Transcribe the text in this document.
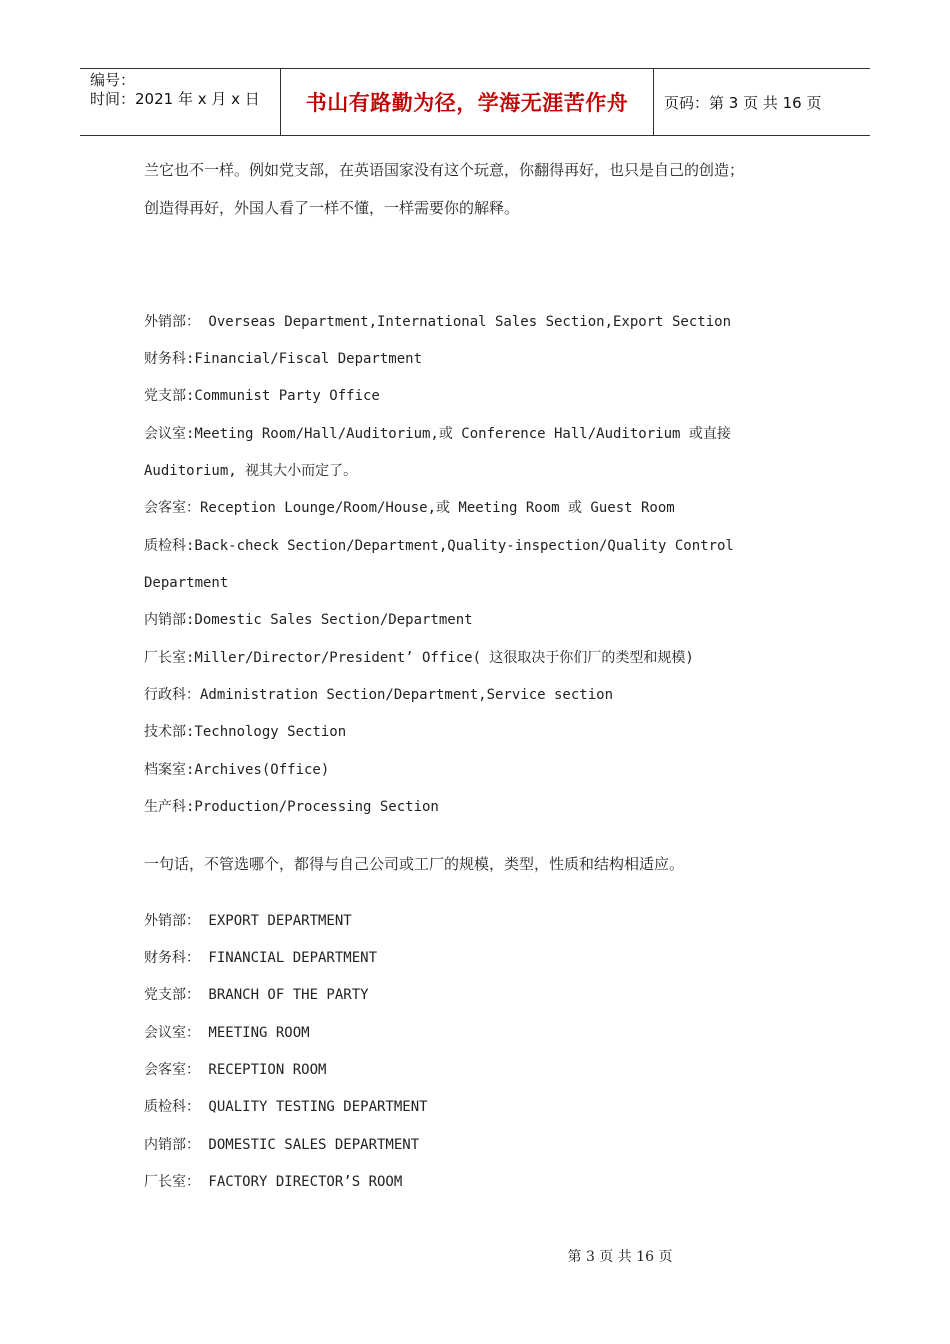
编号：
时间：2021 年 x 月 x 日	书山有路勤为径，学海无涯苦作舟	页码：第 3 页 共 16 页
兰它也不一样。例如党支部，在英语国家没有这个玩意，你翻得再好，也只是自己的创造；
创造得再好，外国人看了一样不懂，一样需要你的解释。
外销部： Overseas Department,International Sales Section,Export Section
财务科:Financial/Fiscal Department
党支部:Communist Party Office
会议室:Meeting Room/Hall/Auditorium,或 Conference Hall/Auditorium 或直接
Auditorium, 视其大小而定了。
会客室：Reception Lounge/Room/House,或 Meeting Room 或 Guest Room
质检科:Back-check Section/Department,Quality-inspection/Quality Control
Department
内销部:Domestic Sales Section/Department
厂长室:Miller/Director/President’ Office( 这很取决于你们厂的类型和规模)
行政科：Administration Section/Department,Service section
技术部:Technology Section
档案室:Archives(Office)
生产科:Production/Processing Section
一句话，不管选哪个，都得与自己公司或工厂的规模，类型，性质和结构相适应。
外销部： EXPORT DEPARTMENT
财务科： FINANCIAL DEPARTMENT
党支部： BRANCH OF THE PARTY
会议室： MEETING ROOM
会客室： RECEPTION ROOM
质检科： QUALITY TESTING DEPARTMENT
内销部： DOMESTIC SALES DEPARTMENT
厂长室： FACTORY DIRECTOR’S ROOM
第 3 页 共 16 页
